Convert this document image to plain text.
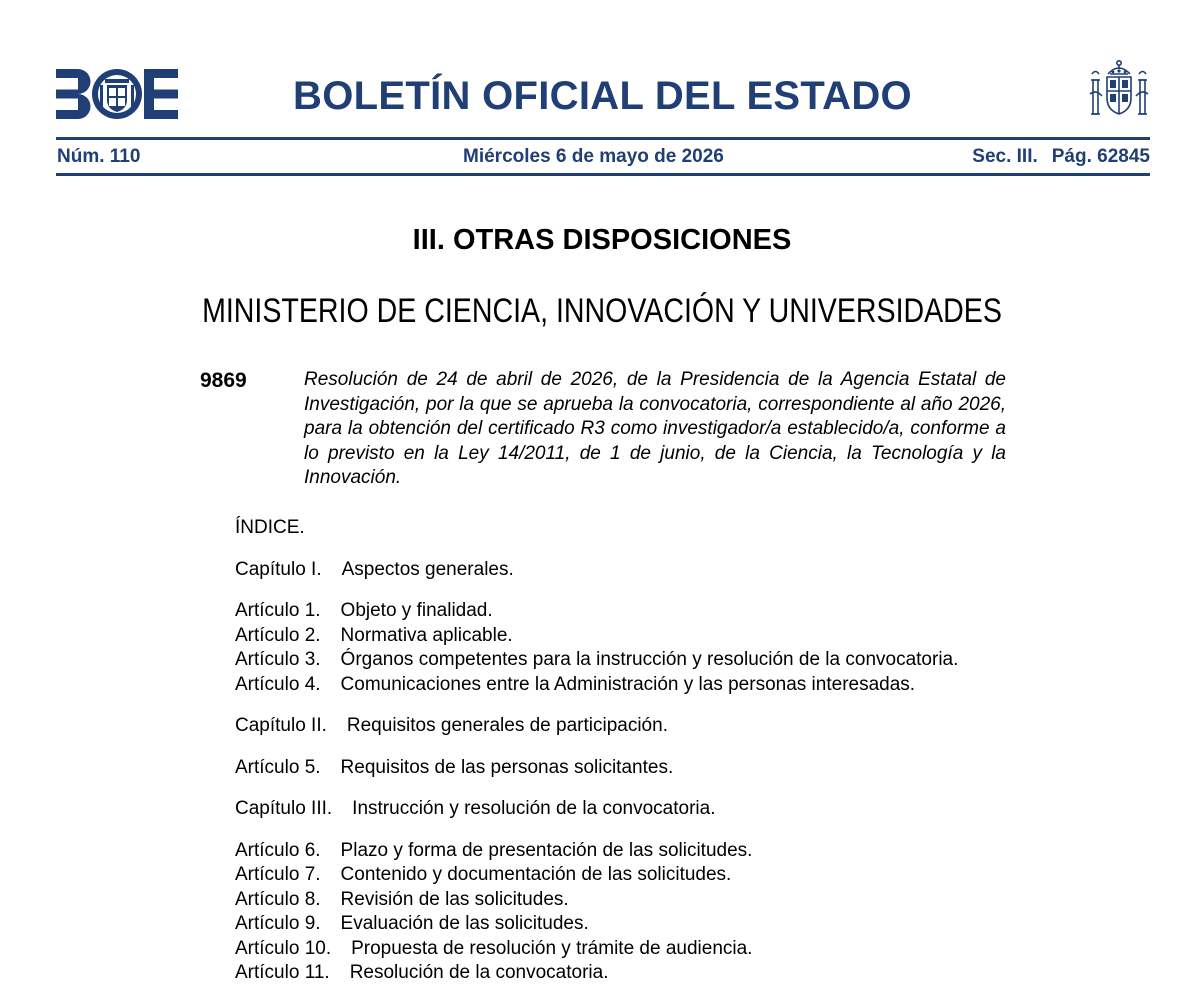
BOLETÍN OFICIAL DEL ESTADO
Núm. 110	Miércoles 6 de mayo de 2026	Sec. III. Pág. 62845
III. OTRAS DISPOSICIONES
MINISTERIO DE CIENCIA, INNOVACIÓN Y UNIVERSIDADES
9869	Resolución de 24 de abril de 2026, de la Presidencia de la Agencia Estatal de Investigación, por la que se aprueba la convocatoria, correspondiente al año 2026, para la obtención del certificado R3 como investigador/a establecido/a, conforme a lo previsto en la Ley 14/2011, de 1 de junio, de la Ciencia, la Tecnología y la Innovación.
ÍNDICE.
Capítulo I. Aspectos generales.
Artículo 1. Objeto y finalidad.
Artículo 2. Normativa aplicable.
Artículo 3. Órganos competentes para la instrucción y resolución de la convocatoria.
Artículo 4. Comunicaciones entre la Administración y las personas interesadas.
Capítulo II. Requisitos generales de participación.
Artículo 5. Requisitos de las personas solicitantes.
Capítulo III. Instrucción y resolución de la convocatoria.
Artículo 6. Plazo y forma de presentación de las solicitudes.
Artículo 7. Contenido y documentación de las solicitudes.
Artículo 8. Revisión de las solicitudes.
Artículo 9. Evaluación de las solicitudes.
Artículo 10. Propuesta de resolución y trámite de audiencia.
Artículo 11. Resolución de la convocatoria.
